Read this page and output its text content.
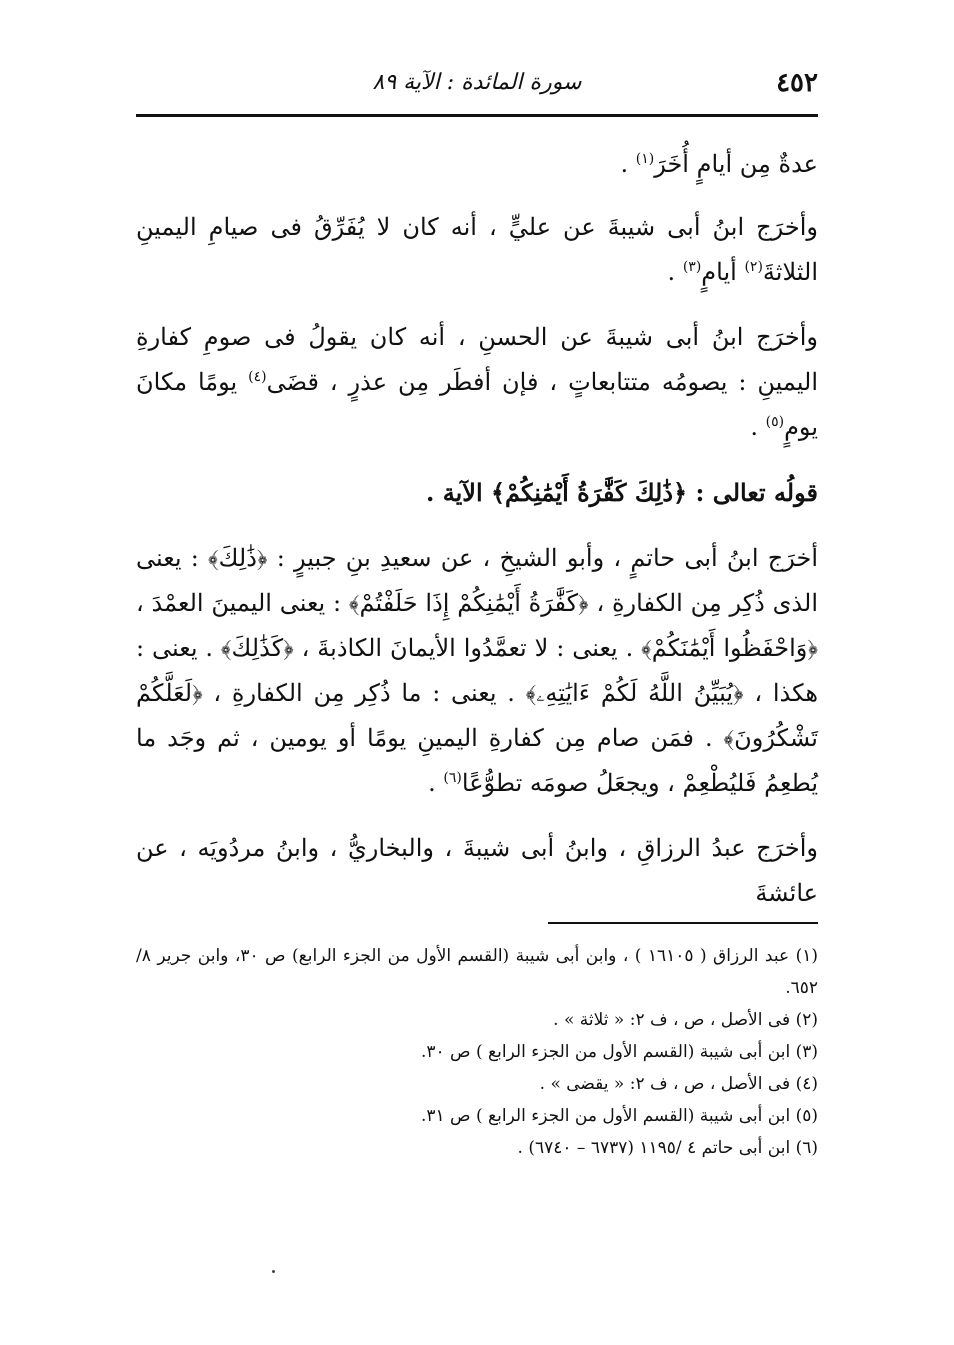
٤٥٢
سورة المائدة : الآية ٨٩

عدةٌ مِن أيامٍ أُخَرَ$^{(١)}$ .

وأخرَج ابنُ أبى شيبةَ عن عليٍّ ، أنه كان لا يُفَرِّقُ فى صيامِ اليمينِ الثلاثةَ$^{(٢)}$ أيامٍ$^{(٣)}$ .

وأخرَج ابنُ أبى شيبةَ عن الحسنِ ، أنه كان يقولُ فى صومِ كفارةِ اليمينِ : يصومُه متتابعاتٍ ، فإن أفطَر مِن عذرٍ ، قضَى$^{(٤)}$ يومًا مكانَ يومٍ$^{(٥)}$ .

قولُه تعالى : ﴿ذَٰلِكَ كَفَّٰرَةُ أَيْمَٰنِكُمْ﴾ الآية .

أخرَج ابنُ أبى حاتمٍ ، وأبو الشيخِ ، عن سعيدِ بنِ جبيرٍ : ﴿ذَٰلِكَ﴾ : يعنى الذى ذُكِر مِن الكفارةِ ، ﴿كَفَّٰرَةُ أَيْمَٰنِكُمْ إِذَا حَلَفْتُمْ﴾ : يعنى اليمينَ العمْدَ ، ﴿وَاحْفَظُوا أَيْمَٰنَكُمْ﴾ . يعنى : لا تعمَّدُوا الأيمانَ الكاذبةَ ، ﴿كَذَٰلِكَ﴾ . يعنى : هكذا ، ﴿يُبَيِّنُ اللَّهُ لَكُمْ ءَايَٰتِهِۦ﴾ . يعنى : ما ذُكِر مِن الكفارةِ ، ﴿لَعَلَّكُمْ تَشْكُرُونَ﴾ . فمَن صام مِن كفارةِ اليمينِ يومًا أو يومين ، ثم وجَد ما يُطعِمُ فَليُطْعِمْ ، ويجعَلُ صومَه تطوُّعًا$^{(٦)}$ .

وأخرَج عبدُ الرزاقِ ، وابنُ أبى شيبةَ ، والبخاريُّ ، وابنُ مردُويَه ، عن عائشةَ

(١) عبد الرزاق ( ١٦١٠٥ ) ، وابن أبى شيبة (القسم الأول من الجزء الرابع) ص ٣٠، وابن جرير ٨/ ٦٥٢.

(٢) فى الأصل ، ص ، ف ٢: « ثلاثة » .

(٣) ابن أبى شيبة (القسم الأول من الجزء الرابع ) ص ٣٠.

(٤) فى الأصل ، ص ، ف ٢: « يقضى » .

(٥) ابن أبى شيبة (القسم الأول من الجزء الرابع ) ص ٣١.

(٦) ابن أبى حاتم ٤ /١١٩٥ (٦٧٣٧ – ٦٧٤٠) .
